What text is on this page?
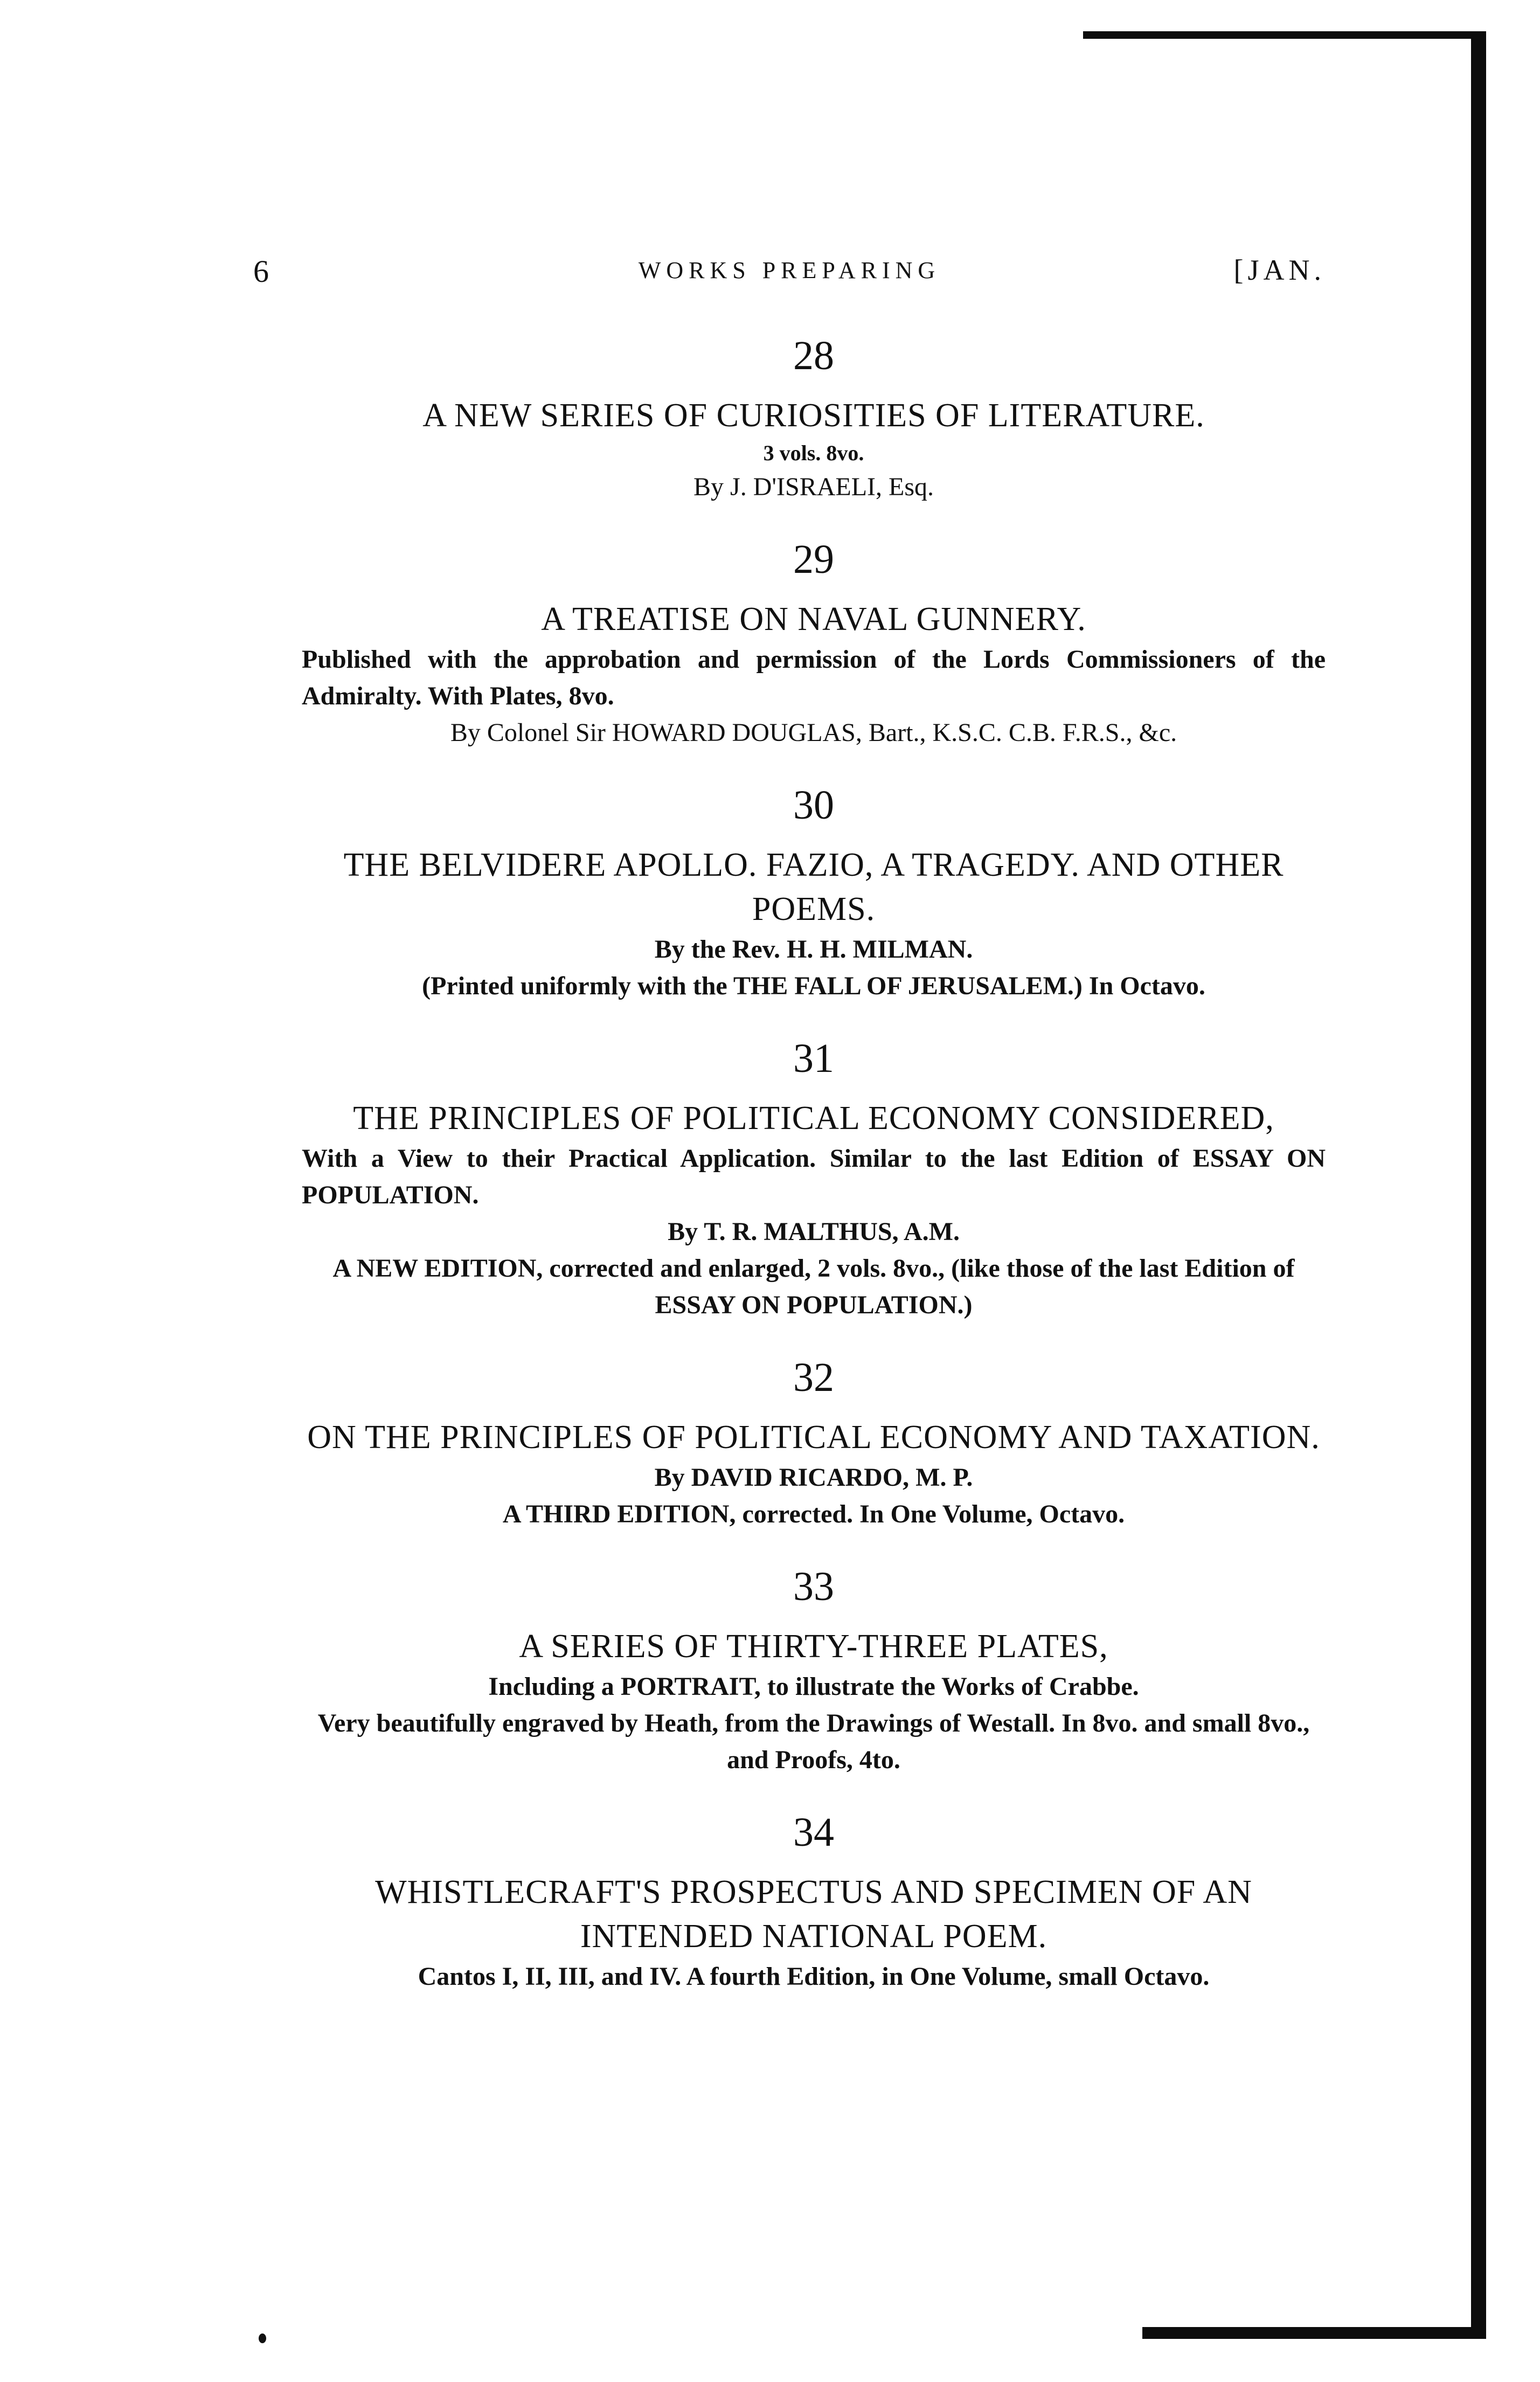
6	WORKS PREPARING	[JAN.
28
A NEW SERIES OF CURIOSITIES OF LITERATURE.
3 vols. 8vo.
By J. D'ISRAELI, Esq.
29
A TREATISE ON NAVAL GUNNERY.
Published with the approbation and permission of the Lords Commissioners of the Admiralty. With Plates, 8vo.
By Colonel Sir HOWARD DOUGLAS, Bart., K.S.C. C.B. F.R.S., &c.
30
THE BELVIDERE APOLLO. FAZIO, A TRAGEDY. AND OTHER POEMS.
By the Rev. H. H. MILMAN.
(Printed uniformly with the THE FALL OF JERUSALEM.) In Octavo.
31
THE PRINCIPLES OF POLITICAL ECONOMY CONSIDERED,
With a View to their Practical Application. Similar to the last Edition of ESSAY ON POPULATION.
By T. R. MALTHUS, A.M.
A NEW EDITION, corrected and enlarged, 2 vols. 8vo., (like those of the last Edition of ESSAY ON POPULATION.)
32
ON THE PRINCIPLES OF POLITICAL ECONOMY AND TAXATION.
By DAVID RICARDO, M. P.
A THIRD EDITION, corrected. In One Volume, Octavo.
33
A SERIES OF THIRTY-THREE PLATES,
Including a PORTRAIT, to illustrate the Works of Crabbe.
Very beautifully engraved by Heath, from the Drawings of Westall. In 8vo. and small 8vo., and Proofs, 4to.
34
WHISTLECRAFT'S PROSPECTUS AND SPECIMEN OF AN INTENDED NATIONAL POEM.
Cantos I, II, III, and IV. A fourth Edition, in One Volume, small Octavo.
